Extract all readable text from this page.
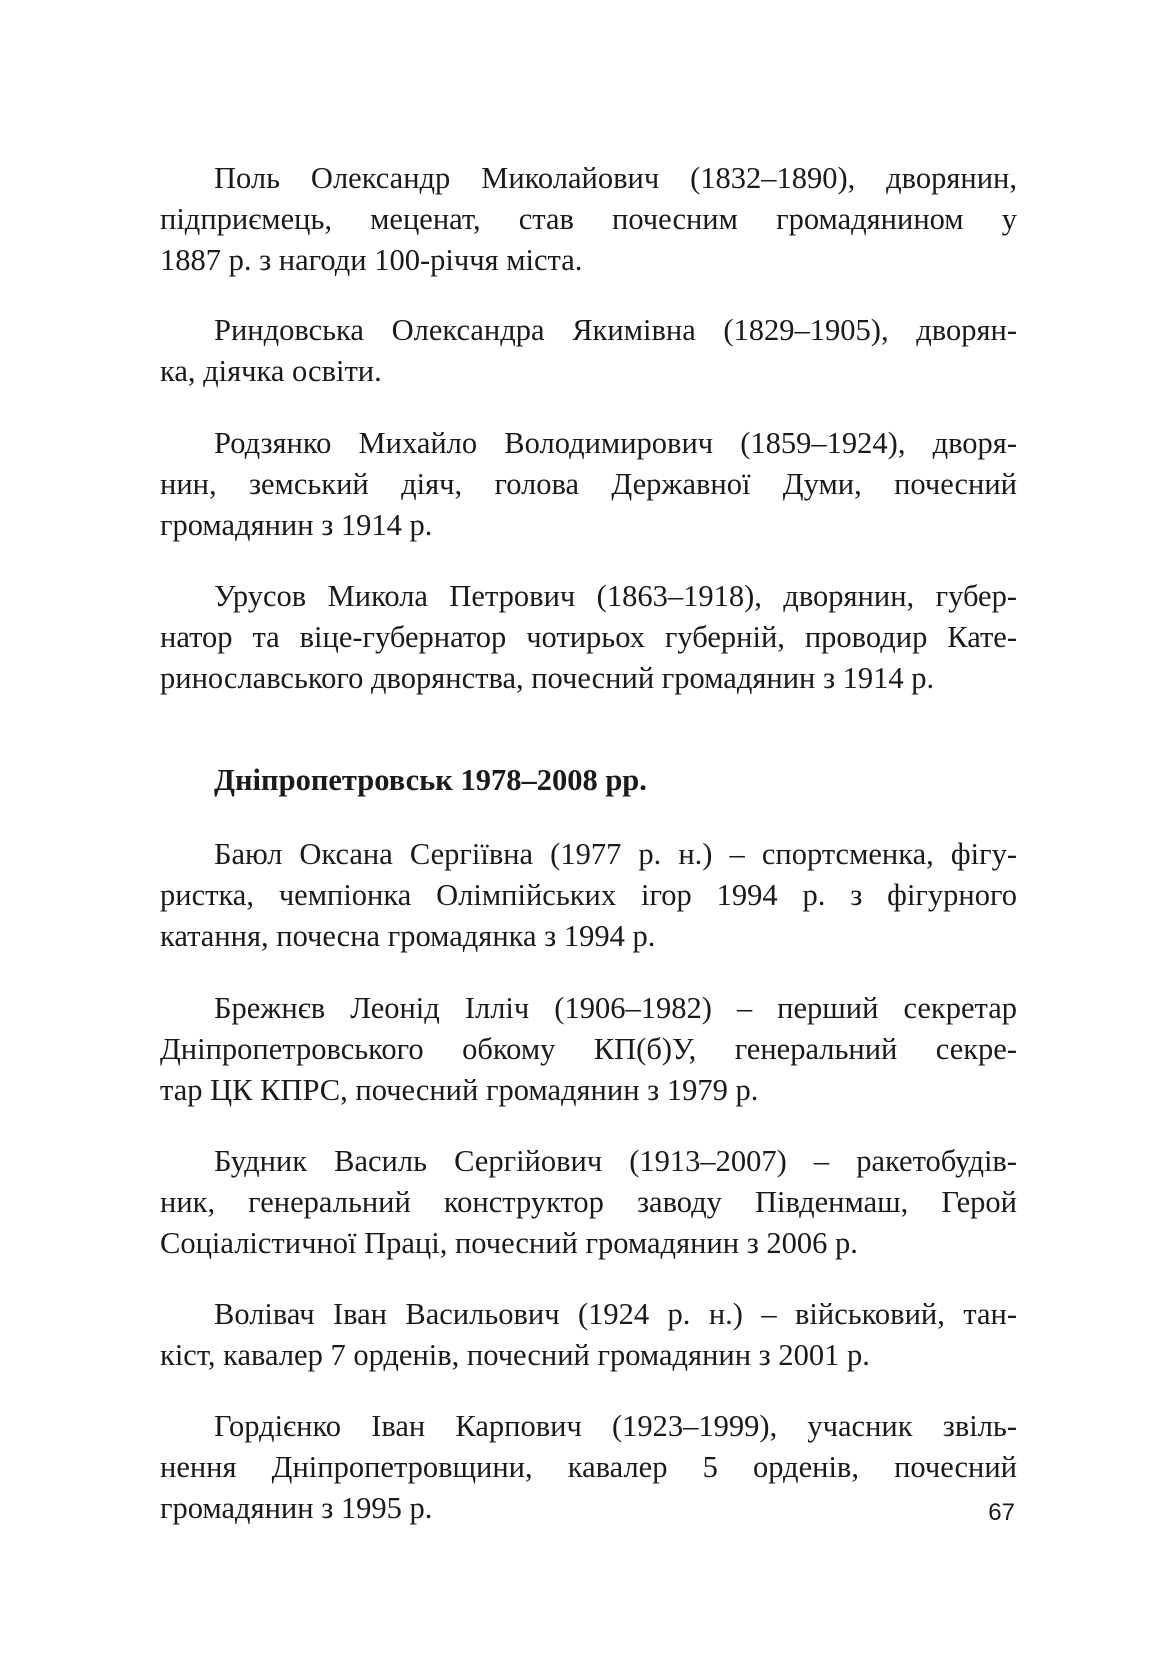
Поль Олександр Миколайович (1832–1890), дворянин,
підприємець, меценат, став почесним громадянином у
1887 р. з нагоди 100-річчя міста.

Риндовська Олександра Якимівна (1829–1905), дворян-
ка, діячка освіти.

Родзянко Михайло Володимирович (1859–1924), дворя-
нин, земський діяч, голова Державної Думи, почесний
громадянин з 1914 р.

Урусов Микола Петрович (1863–1918), дворянин, губер-
натор та віце-губернатор чотирьох губерній, проводир Кате-
ринославського дворянства, почесний громадянин з 1914 р.

Дніпропетровськ 1978–2008 рр.

Баюл Оксана Сергіївна (1977 р. н.) – спортсменка, фігу-
ристка, чемпіонка Олімпійських ігор 1994 р. з фігурного
катання, почесна громадянка з 1994 р.

Брежнєв Леонід Ілліч (1906–1982) – перший секретар
Дніпропетровського обкому КП(б)У, генеральний секре-
тар ЦК КПРС, почесний громадянин з 1979 р.

Будник Василь Сергійович (1913–2007) – ракетобудів-
ник, генеральний конструктор заводу Південмаш, Герой
Соціалістичної Праці, почесний громадянин з 2006 р.

Волівач Іван Васильович (1924 р. н.) – військовий, тан-
кіст, кавалер 7 орденів, почесний громадянин з 2001 р.

Гордієнко Іван Карпович (1923–1999), учасник звіль-
нення Дніпропетровщини, кавалер 5 орденів, почесний
громадянин з 1995 р.	67
